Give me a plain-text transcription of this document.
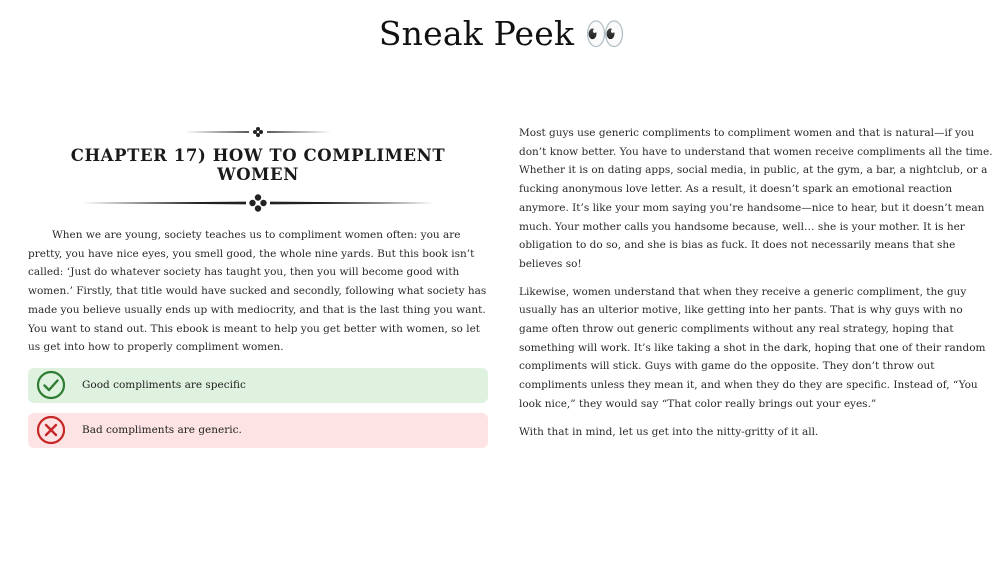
Sneak Peek 👀
CHAPTER 17) HOW TO COMPLIMENT WOMEN

When we are young, society teaches us to compliment women often: you are pretty, you have nice eyes, you smell good, the whole nine yards. But this book isn’t called: ‘Just do whatever society has taught you, then you will become good with women.’ Firstly, that title would have sucked and secondly, following what society has made you believe usually ends up with mediocrity, and that is the last thing you want. You want to stand out. This ebook is meant to help you get better with women, so let us get into how to properly compliment women.

Good compliments are specific
Bad compliments are generic.

Most guys use generic compliments to compliment women and that is natural—if you don’t know better. You have to understand that women receive compliments all the time. Whether it is on dating apps, social media, in public, at the gym, a bar, a nightclub, or a fucking anonymous love letter. As a result, it doesn’t spark an emotional reaction anymore. It’s like your mom saying you’re handsome—nice to hear, but it doesn’t mean much. Your mother calls you handsome because, well… she is your mother. It is her obligation to do so, and she is bias as fuck. It does not necessarily means that she believes so!

Likewise, women understand that when they receive a generic compliment, the guy usually has an ulterior motive, like getting into her pants. That is why guys with no game often throw out generic compliments without any real strategy, hoping that something will work. It’s like taking a shot in the dark, hoping that one of their random compliments will stick. Guys with game do the opposite. They don’t throw out compliments unless they mean it, and when they do they are specific. Instead of, “You look nice,” they would say “That color really brings out your eyes.”

With that in mind, let us get into the nitty-gritty of it all.
